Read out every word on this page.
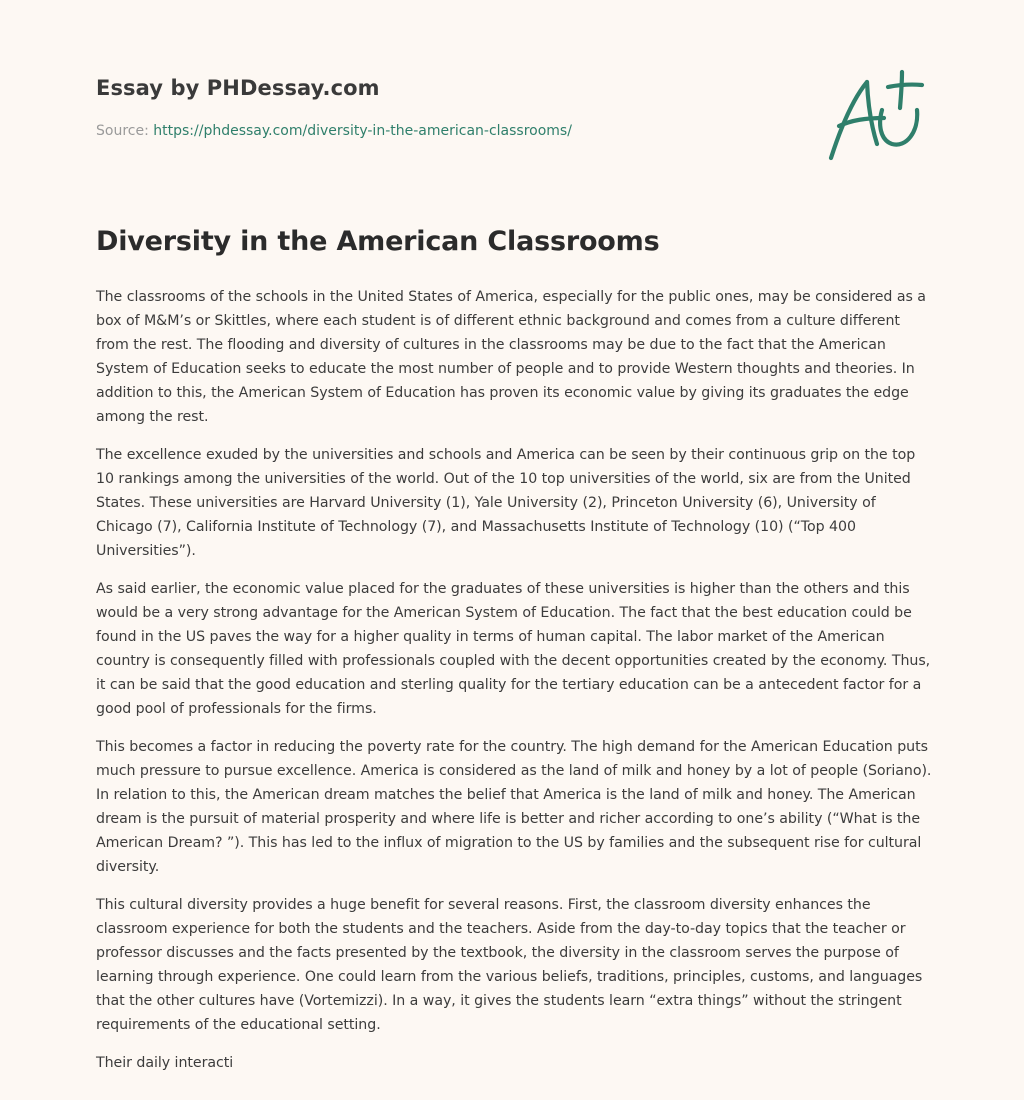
Essay by PHDessay.com
Source: https://phdessay.com/diversity-in-the-american-classrooms/
Diversity in the American Classrooms

The classrooms of the schools in the United States of America, especially for the public ones, may be considered as a box of M&M’s or Skittles, where each student is of different ethnic background and comes from a culture different from the rest. The flooding and diversity of cultures in the classrooms may be due to the fact that the American System of Education seeks to educate the most number of people and to provide Western thoughts and theories. In addition to this, the American System of Education has proven its economic value by giving its graduates the edge among the rest.

The excellence exuded by the universities and schools and America can be seen by their continuous grip on the top 10 rankings among the universities of the world. Out of the 10 top universities of the world, six are from the United States. These universities are Harvard University (1), Yale University (2), Princeton University (6), University of Chicago (7), California Institute of Technology (7), and Massachusetts Institute of Technology (10) (“Top 400 Universities”).

As said earlier, the economic value placed for the graduates of these universities is higher than the others and this would be a very strong advantage for the American System of Education. The fact that the best education could be found in the US paves the way for a higher quality in terms of human capital. The labor market of the American country is consequently filled with professionals coupled with the decent opportunities created by the economy. Thus, it can be said that the good education and sterling quality for the tertiary education can be a antecedent factor for a good pool of professionals for the firms.

This becomes a factor in reducing the poverty rate for the country. The high demand for the American Education puts much pressure to pursue excellence. America is considered as the land of milk and honey by a lot of people (Soriano). In relation to this, the American dream matches the belief that America is the land of milk and honey. The American dream is the pursuit of material prosperity and where life is better and richer according to one’s ability (“What is the American Dream? ”). This has led to the influx of migration to the US by families and the subsequent rise for cultural diversity.

This cultural diversity provides a huge benefit for several reasons. First, the classroom diversity enhances the classroom experience for both the students and the teachers. Aside from the day-to-day topics that the teacher or professor discusses and the facts presented by the textbook, the diversity in the classroom serves the purpose of learning through experience. One could learn from the various beliefs, traditions, principles, customs, and languages that the other cultures have (Vortemizzi). In a way, it gives the students learn “extra things” without the stringent requirements of the educational setting.

Their daily interacti
